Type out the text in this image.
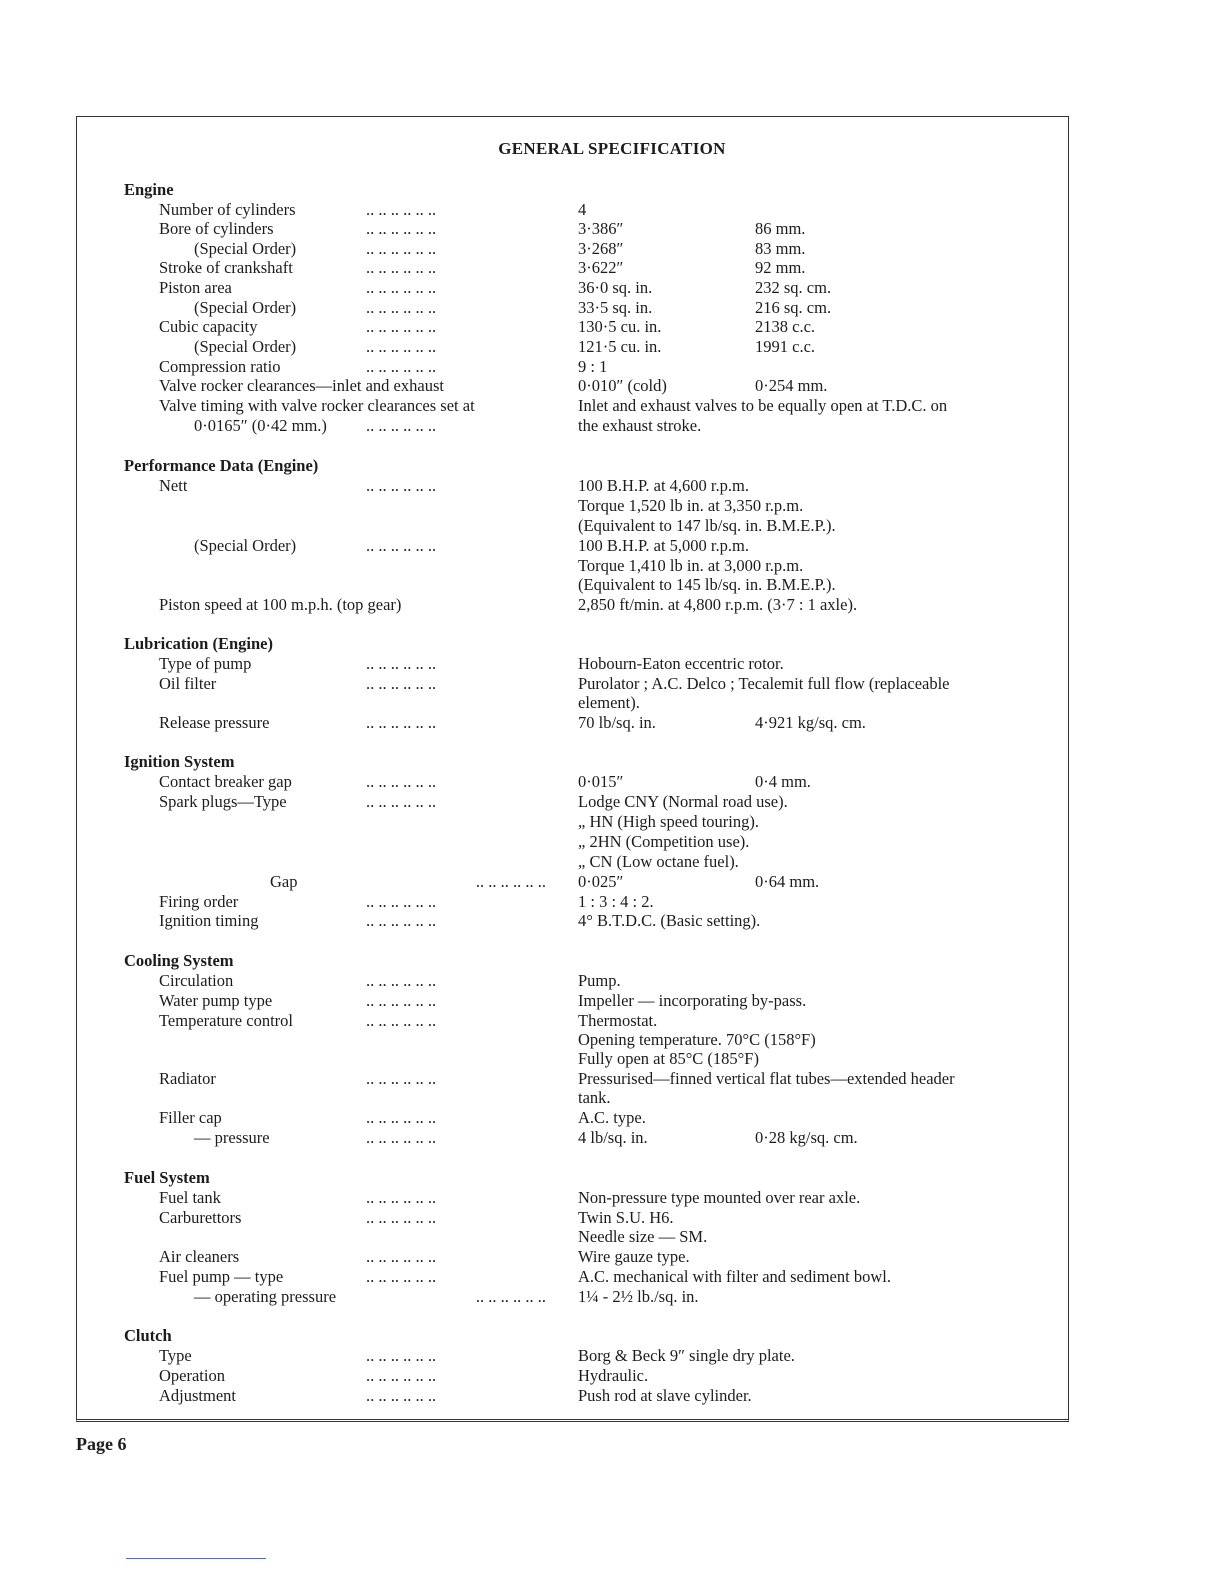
GENERAL SPECIFICATION
Engine
Performance Data (Engine)
Lubrication (Engine)
Ignition System
Cooling System
Fuel System
Clutch
Number of cylinders	.. .. .. .. .. ..	4
Bore of cylinders	.. .. .. .. .. ..	3·386″	86 mm.
(Special Order)	.. .. .. .. .. ..	3·268″	83 mm.
Stroke of crankshaft	.. .. .. .. .. ..	3·622″	92 mm.
Piston area	.. .. .. .. .. ..	36·0 sq. in.	232 sq. cm.
(Special Order)	.. .. .. .. .. ..	33·5 sq. in.	216 sq. cm.
Cubic capacity	.. .. .. .. .. ..	130·5 cu. in.	2138 c.c.
(Special Order)	.. .. .. .. .. ..	121·5 cu. in.	1991 c.c.
Compression ratio	.. .. .. .. .. ..	9 : 1
Valve rocker clearances—inlet and exhaust	0·010″ (cold)	0·254 mm.
Valve timing with valve rocker clearances set at	Inlet and exhaust valves to be equally open at T.D.C. on
0·0165″ (0·42 mm.) .. .. .. .. .. ..	the exhaust stroke.
Nett	.. .. .. .. .. ..	100 B.H.P. at 4,600 r.p.m.
Torque 1,520 lb in. at 3,350 r.p.m.
(Equivalent to 147 lb/sq. in. B.M.E.P.).
(Special Order)	.. .. .. .. .. ..	100 B.H.P. at 5,000 r.p.m.
Torque 1,410 lb in. at 3,000 r.p.m.
(Equivalent to 145 lb/sq. in. B.M.E.P.).
Piston speed at 100 m.p.h. (top gear)	2,850 ft/min. at 4,800 r.p.m. (3·7 : 1 axle).
Type of pump	.. .. .. .. .. ..	Hobourn-Eaton eccentric rotor.
Oil filter	.. .. .. .. .. ..	Purolator ; A.C. Delco ; Tecalemit full flow (replaceable
element).
Release pressure	.. .. .. .. .. ..	70 lb/sq. in.	4·921 kg/sq. cm.
Contact breaker gap	.. .. .. .. .. ..	0·015″	0·4 mm.
Spark plugs—Type	.. .. .. .. .. ..	Lodge CNY (Normal road use).
„ HN (High speed touring).
„ 2HN (Competition use).
„ CN (Low octane fuel).
Gap	.. .. .. .. .. .. 0·025″	0·64 mm.
Firing order	.. .. .. .. .. ..	1 : 3 : 4 : 2.
Ignition timing	.. .. .. .. .. ..	4° B.T.D.C. (Basic setting).
Circulation	.. .. .. .. .. ..	Pump.
Water pump type	.. .. .. .. .. ..	Impeller — incorporating by-pass.
Temperature control	.. .. .. .. .. ..	Thermostat.
Opening temperature. 70°C (158°F)
Fully open at 85°C (185°F)
Radiator	.. .. .. .. .. ..	Pressurised—finned vertical flat tubes—extended header
tank.
Filler cap	.. .. .. .. .. ..	A.C. type.
— pressure	.. .. .. .. .. ..	4 lb/sq. in.	0·28 kg/sq. cm.
Fuel tank	.. .. .. .. .. ..	Non-pressure type mounted over rear axle.
Carburettors	.. .. .. .. .. ..	Twin S.U. H6.
Needle size — SM.
Air cleaners	.. .. .. .. .. ..	Wire gauze type.
Fuel pump — type	.. .. .. .. .. ..	A.C. mechanical with filter and sediment bowl.
— operating pressure	.. .. .. .. .. .. 1¼ - 2½ lb./sq. in.
Type	.. .. .. .. .. ..	Borg & Beck 9″ single dry plate.
Operation	.. .. .. .. .. ..	Hydraulic.
Adjustment	.. .. .. .. .. ..	Push rod at slave cylinder.
Page 6
